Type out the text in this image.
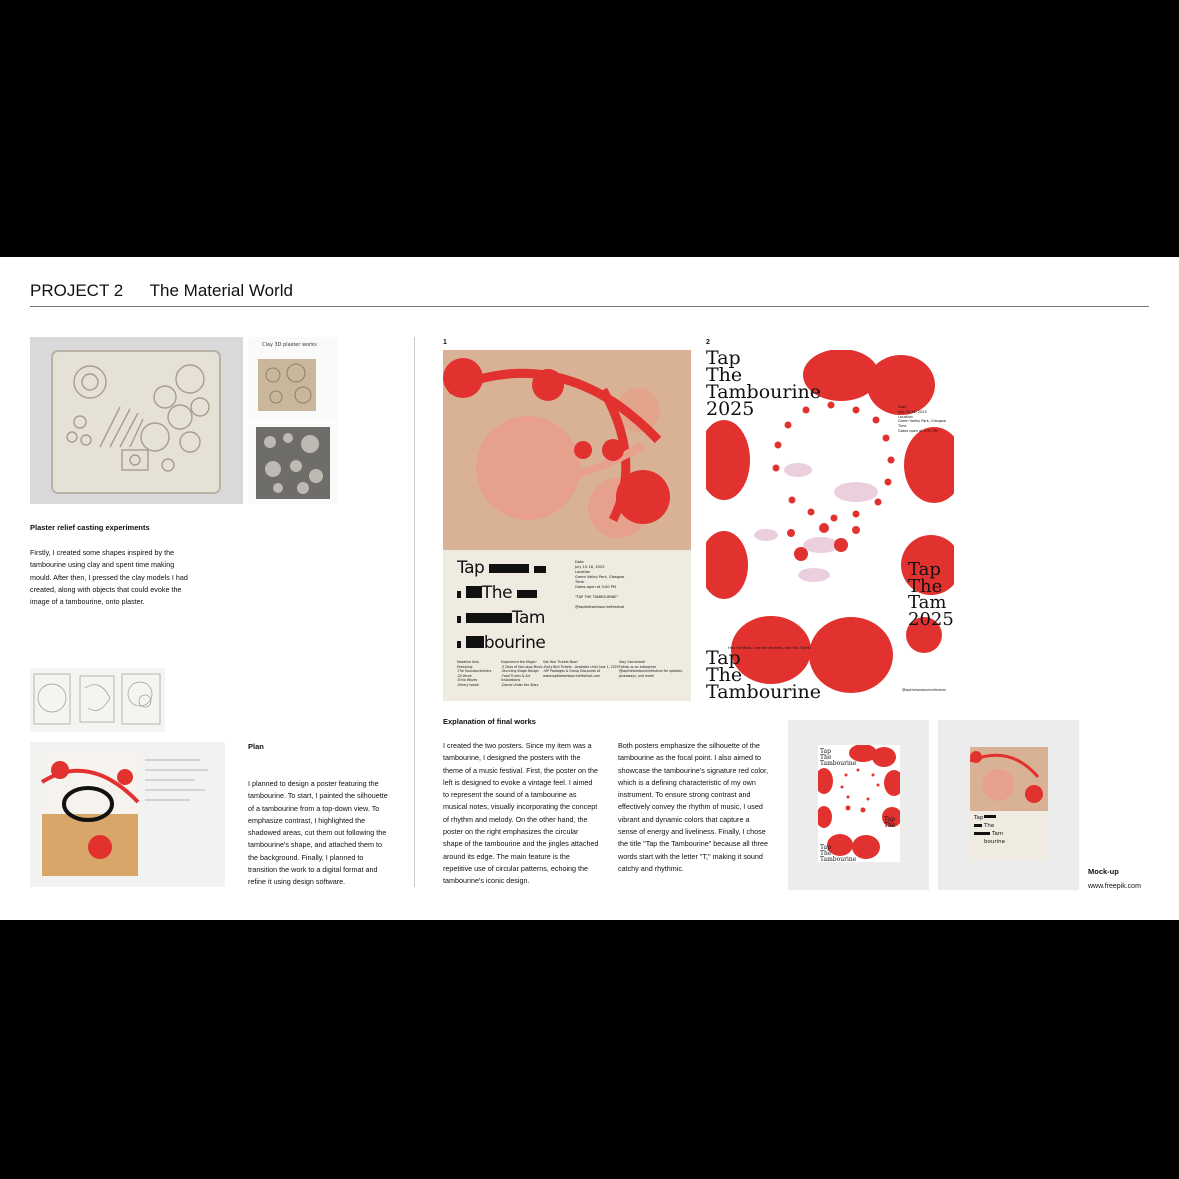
PROJECT 2 The Material World
Clay 3D plaster works
Plaster relief casting experiments
Firstly, I created some shapes inspired by the tambourine using clay and spent time making mould. After then, I pressed the clay models I had created, along with objects that could evoke the image of a tambourine, onto plaster.
Plan
I planned to design a poster featuring the tambourine. To start, I painted the silhouette of a tambourine from a top-down view. To emphasize contrast, I highlighted the shadowed areas, cut them out following the tambourine's shape, and attached them to the background. Finally, I planned to transition the work to a digital format and refine it using design software.
1
Tap
The
Tam
bourine
Date
July 15-16, 2025
Location
Green Valley Park, Glasgow
Time
Gates open at 3:00 PM
"TAP THE TAMBOURINE"
@tapthetambourinefestival
Headline Acts
Featuring:
-The Soundscratchers
-DJ Verve
-Echo Waves
-Emery Isaiah
Experience the Magic!
-3 Days of Non-stop Music
-Stunning Stage Design
-Food Trucks & Art Installations
-Dance Under the Stars
Get Your Tickets Now!
-Early Bird Tickets - Available Until June 1, 2025
-VIP Packages & Group Discounts at
www.tapthetambourinefestival.com
Stay Connected!
Follow us on Instagram
@tapthetambourinefestival for updates,
giveaways, and more!
2
Tap
The
Tambourine
2025	Date
July 15-16, 2025
Location
Green Valley Park, Glasgow
Time
Gates open at 3:00 PM
Tap
The
Tam
2025
Tap
The
Tambourine
Feel the Beat. Live the Moment. See You There!
@tapthetambourinefestival
Explanation of final works
I created the two posters. Since my item was a tambourine, I designed the posters with the theme of a music festival. First, the poster on the left is designed to evoke a vintage feel. I aimed to represent the sound of a tambourine as musical notes, visually incorporating the concept of rhythm and melody. On the other hand, the poster on the right emphasizes the circular shape of the tambourine and the jingles attached around its edge. The main feature is the repetitive use of circular patterns, echoing the tambourine's iconic design.
Both posters emphasize the silhouette of the tambourine as the focal point. I also aimed to showcase the tambourine's signature red color, which is a defining characteristic of my own instrument. To ensure strong contrast and effectively convey the rhythm of music, I used vibrant and dynamic colors that capture a sense of energy and liveliness. Finally, I chose the title "Tap the Tambourine" because all three words start with the letter "T," making it sound catchy and rhythmic.
Tap
The
Tambourine
Tap
The
Tap
The
Tambourine
Tap
The
Tam
bourine
Mock-up
www.freepik.com
